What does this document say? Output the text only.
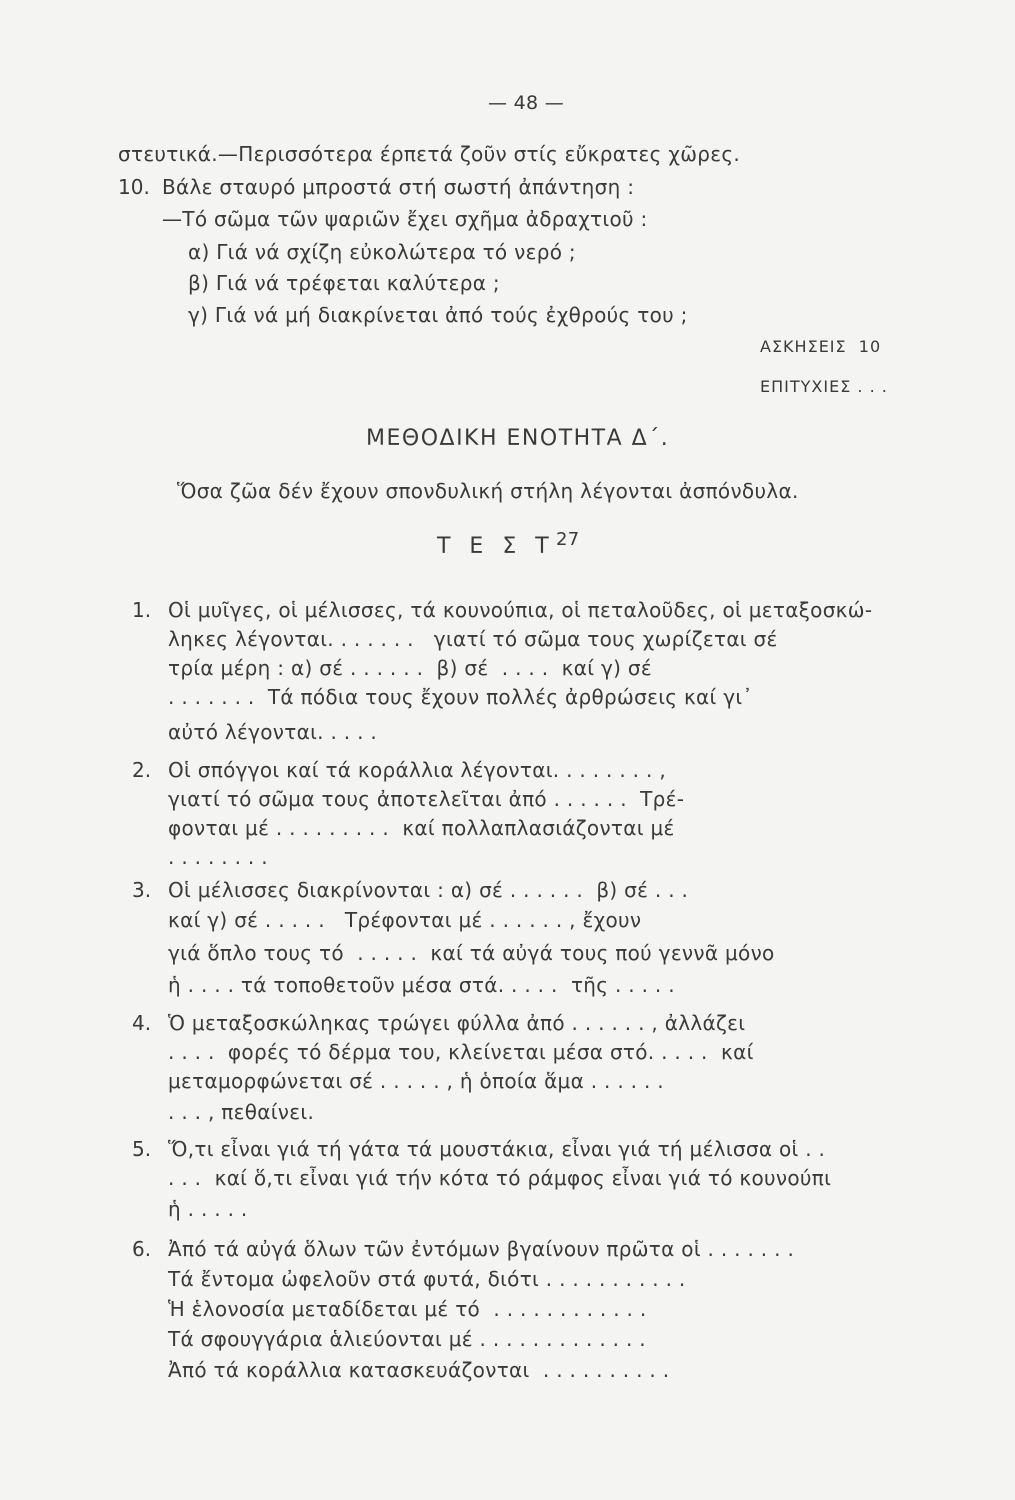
— 48 —
στευτικά.—Περισσότερα έρπετά ζοῦν στίς εὔκρατες χῶρες.
10. Βάλε σταυρό μπροστά στή σωστή ἀπάντηση :
—Τό σῶμα τῶν ψαριῶν ἔχει σχῆμα ἀδραχτιοῦ :
α) Γιά νά σχίζη εὐκολώτερα τό νερό ;
β) Γιά νά τρέφεται καλύτερα ;
γ) Γιά νά μή διακρίνεται ἀπό τούς ἐχθρούς του ;
ΑΣΚΗΣΕΙΣ  10
ΕΠΙΤΥΧΙΕΣ . . .
ΜΕΘΟΔΙΚΗ ΕΝΟΤΗΤΑ Δ΄.
Ὅσα ζῶα δέν ἔχουν σπονδυλική στήλη λέγονται ἀσπόνδυλα.
Τ Ε Σ Τ 27
1. Οἱ μυῖγες, οἱ μέλισσες, τά κουνούπια, οἱ πεταλοῦδες, οἱ μεταξοσκώ-
ληκες λέγονται. . . . . . .   γιατί τό σῶμα τους χωρίζεται σέ
τρία μέρη : α) σέ . . . . . .  β) σέ  . . . .  καί γ) σέ
. . . . . . .  Τά πόδια τους ἔχουν πολλές ἀρθρώσεις καί γι᾽
αὐτό λέγονται. . . . .
2. Οἱ σπόγγοι καί τά κοράλλια λέγονται. . . . . . . . ,
γιατί τό σῶμα τους ἀποτελεῖται ἀπό . . . . . .  Τρέ-
φονται μέ . . . . . . . . .  καί πολλαπλασιάζονται μέ
. . . . . . . .
3. Οἱ μέλισσες διακρίνονται : α) σέ . . . . . .  β) σέ . . .
καί γ) σέ . . . . .   Τρέφονται μέ . . . . . . , ἔχουν
γιά ὅπλο τους τό  . . . . .  καί τά αὐγά τους πού γεννᾶ μόνο
ἡ . . . . τά τοποθετοῦν μέσα στά. . . . .  τῆς . . . . .
4. Ὁ μεταξοσκώληκας τρώγει φύλλα ἀπό . . . . . . , ἀλλάζει
. . . .  φορές τό δέρμα του, κλείνεται μέσα στό. . . . .  καί
μεταμορφώνεται σέ . . . . . , ἡ ὁποία ἅμα . . . . . .
. . . , πεθαίνει.
5. Ὅ,τι εἶναι γιά τή γάτα τά μουστάκια, εἶναι γιά τή μέλισσα οἱ . .
. . .  καί ὅ,τι εἶναι γιά τήν κότα τό ράμφος εἶναι γιά τό κουνούπι
ἡ . . . . .
6. Ἀπό τά αὐγά ὅλων τῶν ἐντόμων βγαίνουν πρῶτα οἱ . . . . . . .
Τά ἔντομα ὠφελοῦν στά φυτά, διότι . . . . . . . . . . .
Ἡ ἑλονοσία μεταδίδεται μέ τό  . . . . . . . . . . . .
Τά σφουγγάρια ἁλιεύονται μέ . . . . . . . . . . . . .
Ἀπό τά κοράλλια κατασκευάζονται  . . . . . . . . . .
